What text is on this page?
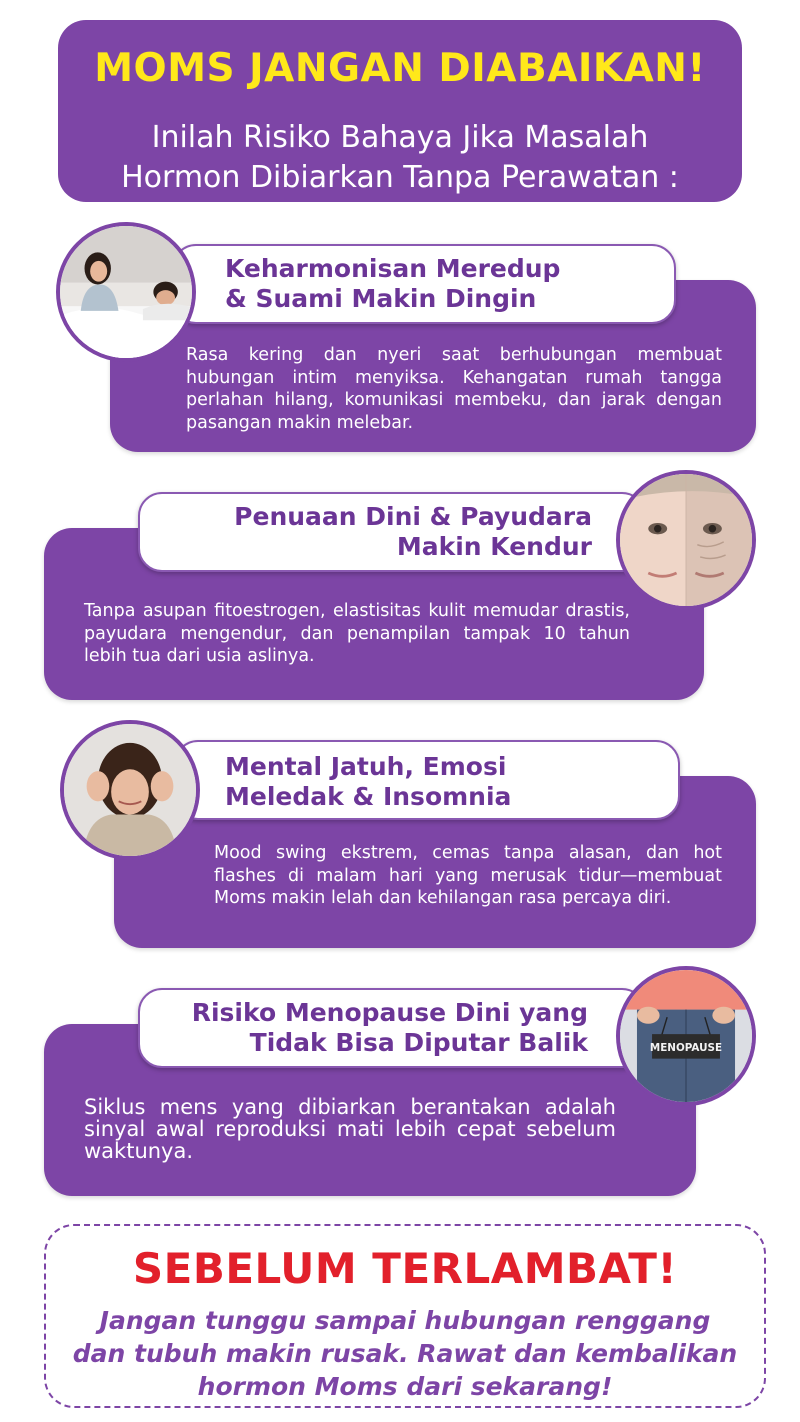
MOMS JANGAN DIABAIKAN!
Inilah Risiko Bahaya Jika Masalah
Hormon Dibiarkan Tanpa Perawatan :
Keharmonisan Meredup
& Suami Makin Dingin
Rasa kering dan nyeri saat berhubungan membuat hubungan intim menyiksa. Kehangatan rumah tangga perlahan hilang, komunikasi membeku, dan jarak dengan pasangan makin melebar.
Penuaan Dini & Payudara
Makin Kendur
Tanpa asupan fitoestrogen, elastisitas kulit memudar drastis, payudara mengendur, dan penampilan tampak 10 tahun lebih tua dari usia aslinya.
Mental Jatuh, Emosi
Meledak & Insomnia
Mood swing ekstrem, cemas tanpa alasan, dan hot flashes di malam hari yang merusak tidur—membuat Moms makin lelah dan kehilangan rasa percaya diri.
Risiko Menopause Dini yang
Tidak Bisa Diputar Balik
Siklus mens yang dibiarkan berantakan adalah sinyal awal reproduksi mati lebih cepat sebelum waktunya.
MENOPAUSE
SEBELUM TERLAMBAT!
Jangan tunggu sampai hubungan renggang
dan tubuh makin rusak. Rawat dan kembalikan
hormon Moms dari sekarang!
